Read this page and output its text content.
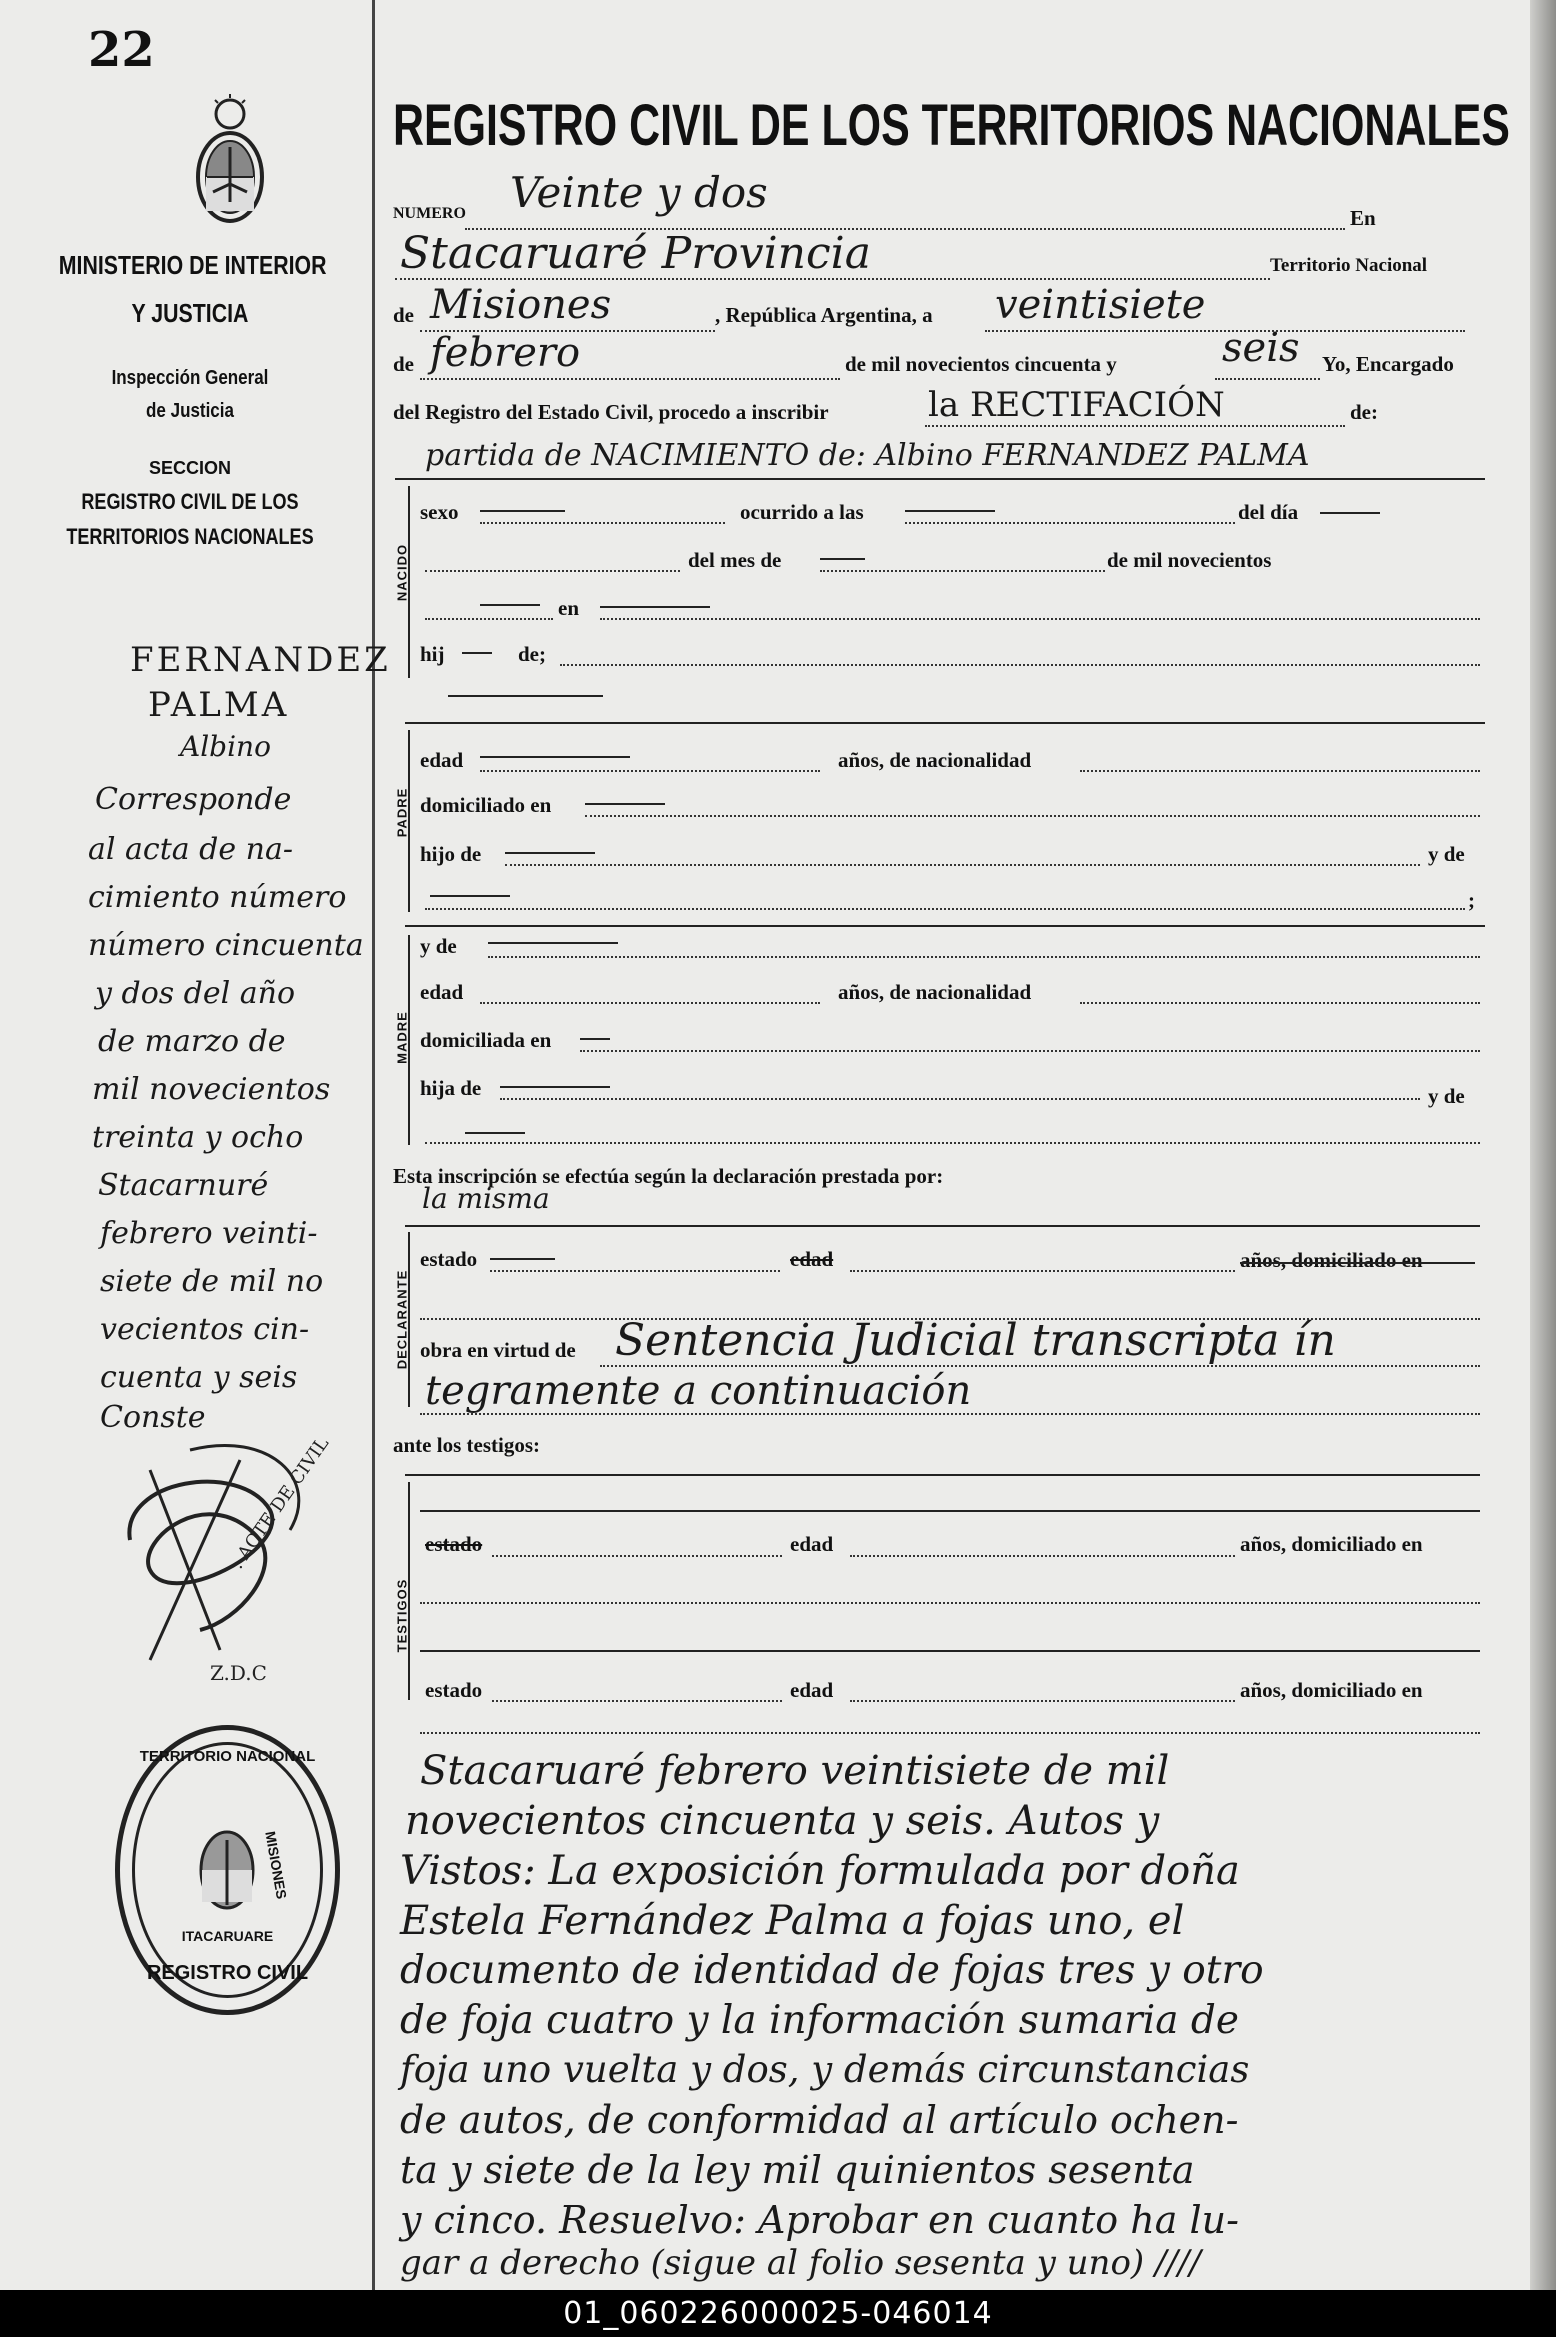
22
MINISTERIO DE INTERIOR
Y JUSTICIA
Inspección General
de Justicia
SECCION
REGISTRO CIVIL DE LOS
TERRITORIOS NACIONALES
REGISTRO CIVIL DE LOS TERRITORIOS NACIONALES
FERNANDEZ
PALMA
Albino
Corresponde
al acta de na-
cimiento número
número cincuenta
y dos del año
de marzo de
mil novecientos
treinta y ocho
Stacarnuré
febrero veinti-
siete de mil no
vecientos cin-
cuenta y seis
Conste
. ACTE DE CIVIL
Z.D.C
TERRITORIO NACIONAL
ITACARUARE
REGISTRO CIVIL
MISIONES
NUMERO Veinte y dos
En
Stacaruaré Provincia	Territorio Nacional
de Misiones	, República Argentina, a veintisiete
de febrero	de mil novecientos cincuenta y	seis Yo, Encargado
del Registro del Estado Civil, procedo a inscribir	la RECTIFACIÓN	de:
partida de NACIMIENTO de: Albino FERNANDEZ PALMA
NACIDO
sexo	ocurrido a las	del día
del mes de	de mil novecientos
en
hij	de;
PADRE
edad	años, de nacionalidad
domiciliado en
hijo de	y de
;
MADRE
y de
edad	años, de nacionalidad
domiciliada en
hija de	y de
Esta inscripción se efectúa según la declaración prestada por:
la misma
DECLARANTE
estado	edad	años, domiciliado en
obra en virtud de Sentencia Judicial transcripta ín
tegramente a continuación
ante los testigos:
TESTIGOS
estado	edad	años, domiciliado en
estado	edad	años, domiciliado en
Stacaruaré febrero veintisiete de mil
novecientos cincuenta y seis. Autos y
Vistos: La exposición formulada por doña
Estela Fernández Palma a fojas uno, el
documento de identidad de fojas tres y otro
de foja cuatro y la información sumaria de
foja uno vuelta y dos, y demás circunstancias
de autos, de conformidad al artículo ochen-
ta y siete de la ley mil quinientos sesenta
y cinco. Resuelvo: Aprobar en cuanto ha lu-
gar a derecho (sigue al folio sesenta y uno) ////
01_060226000025-046014
